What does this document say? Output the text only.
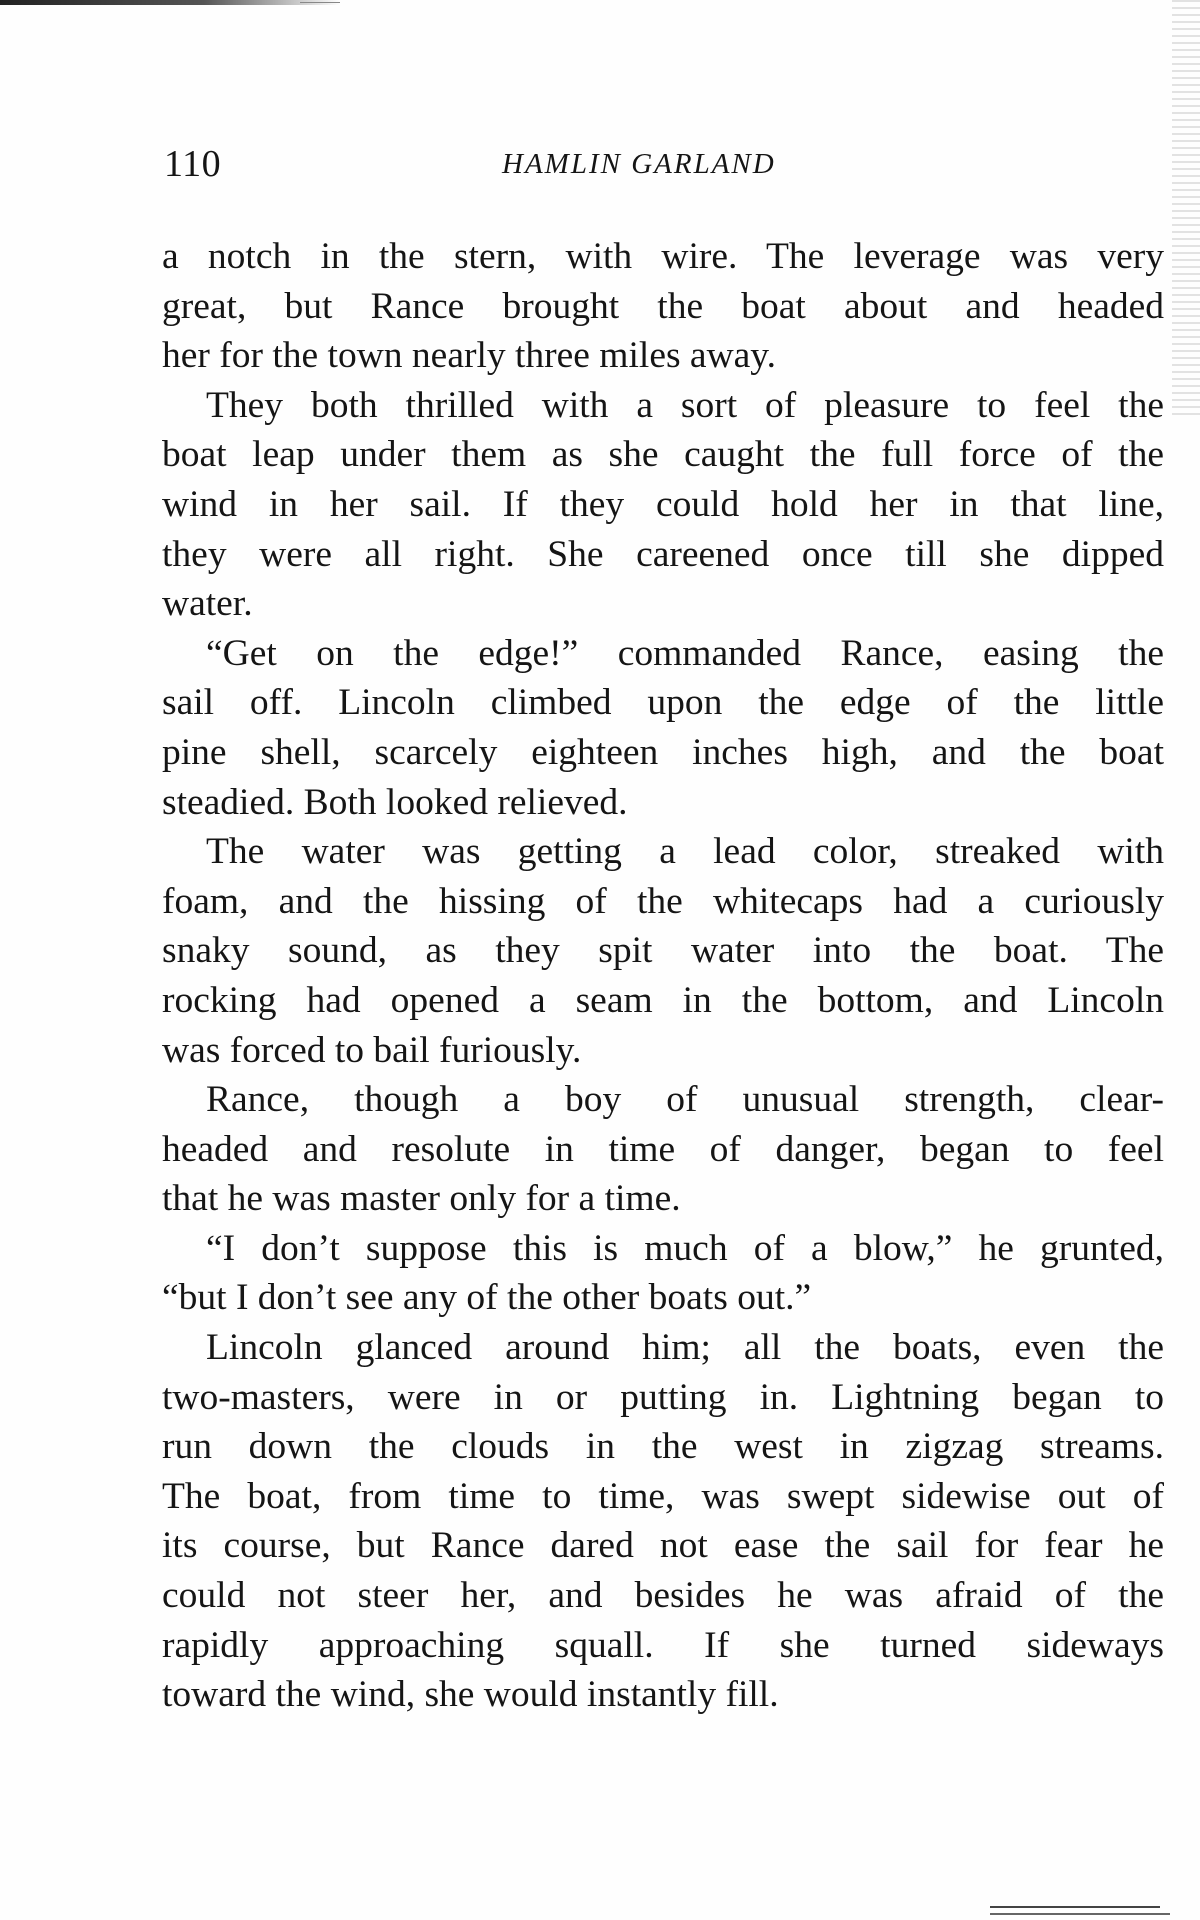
110	HAMLIN GARLAND
a notch in the stern, with wire. The leverage was very
great, but Rance brought the boat about and headed
her for the town nearly three miles away.
They both thrilled with a sort of pleasure to feel the
boat leap under them as she caught the full force of the
wind in her sail. If they could hold her in that line,
they were all right. She careened once till she dipped
water.
“Get on the edge!” commanded Rance, easing the
sail off. Lincoln climbed upon the edge of the little
pine shell, scarcely eighteen inches high, and the boat
steadied. Both looked relieved.
The water was getting a lead color, streaked with
foam, and the hissing of the whitecaps had a curiously
snaky sound, as they spit water into the boat. The
rocking had opened a seam in the bottom, and Lincoln
was forced to bail furiously.
Rance, though a boy of unusual strength, clear-
headed and resolute in time of danger, began to feel
that he was master only for a time.
“I don’t suppose this is much of a blow,” he grunted,
“but I don’t see any of the other boats out.”
Lincoln glanced around him; all the boats, even the
two-masters, were in or putting in. Lightning began to
run down the clouds in the west in zigzag streams.
The boat, from time to time, was swept sidewise out of
its course, but Rance dared not ease the sail for fear he
could not steer her, and besides he was afraid of the
rapidly approaching squall. If she turned sideways
toward the wind, she would instantly fill.
